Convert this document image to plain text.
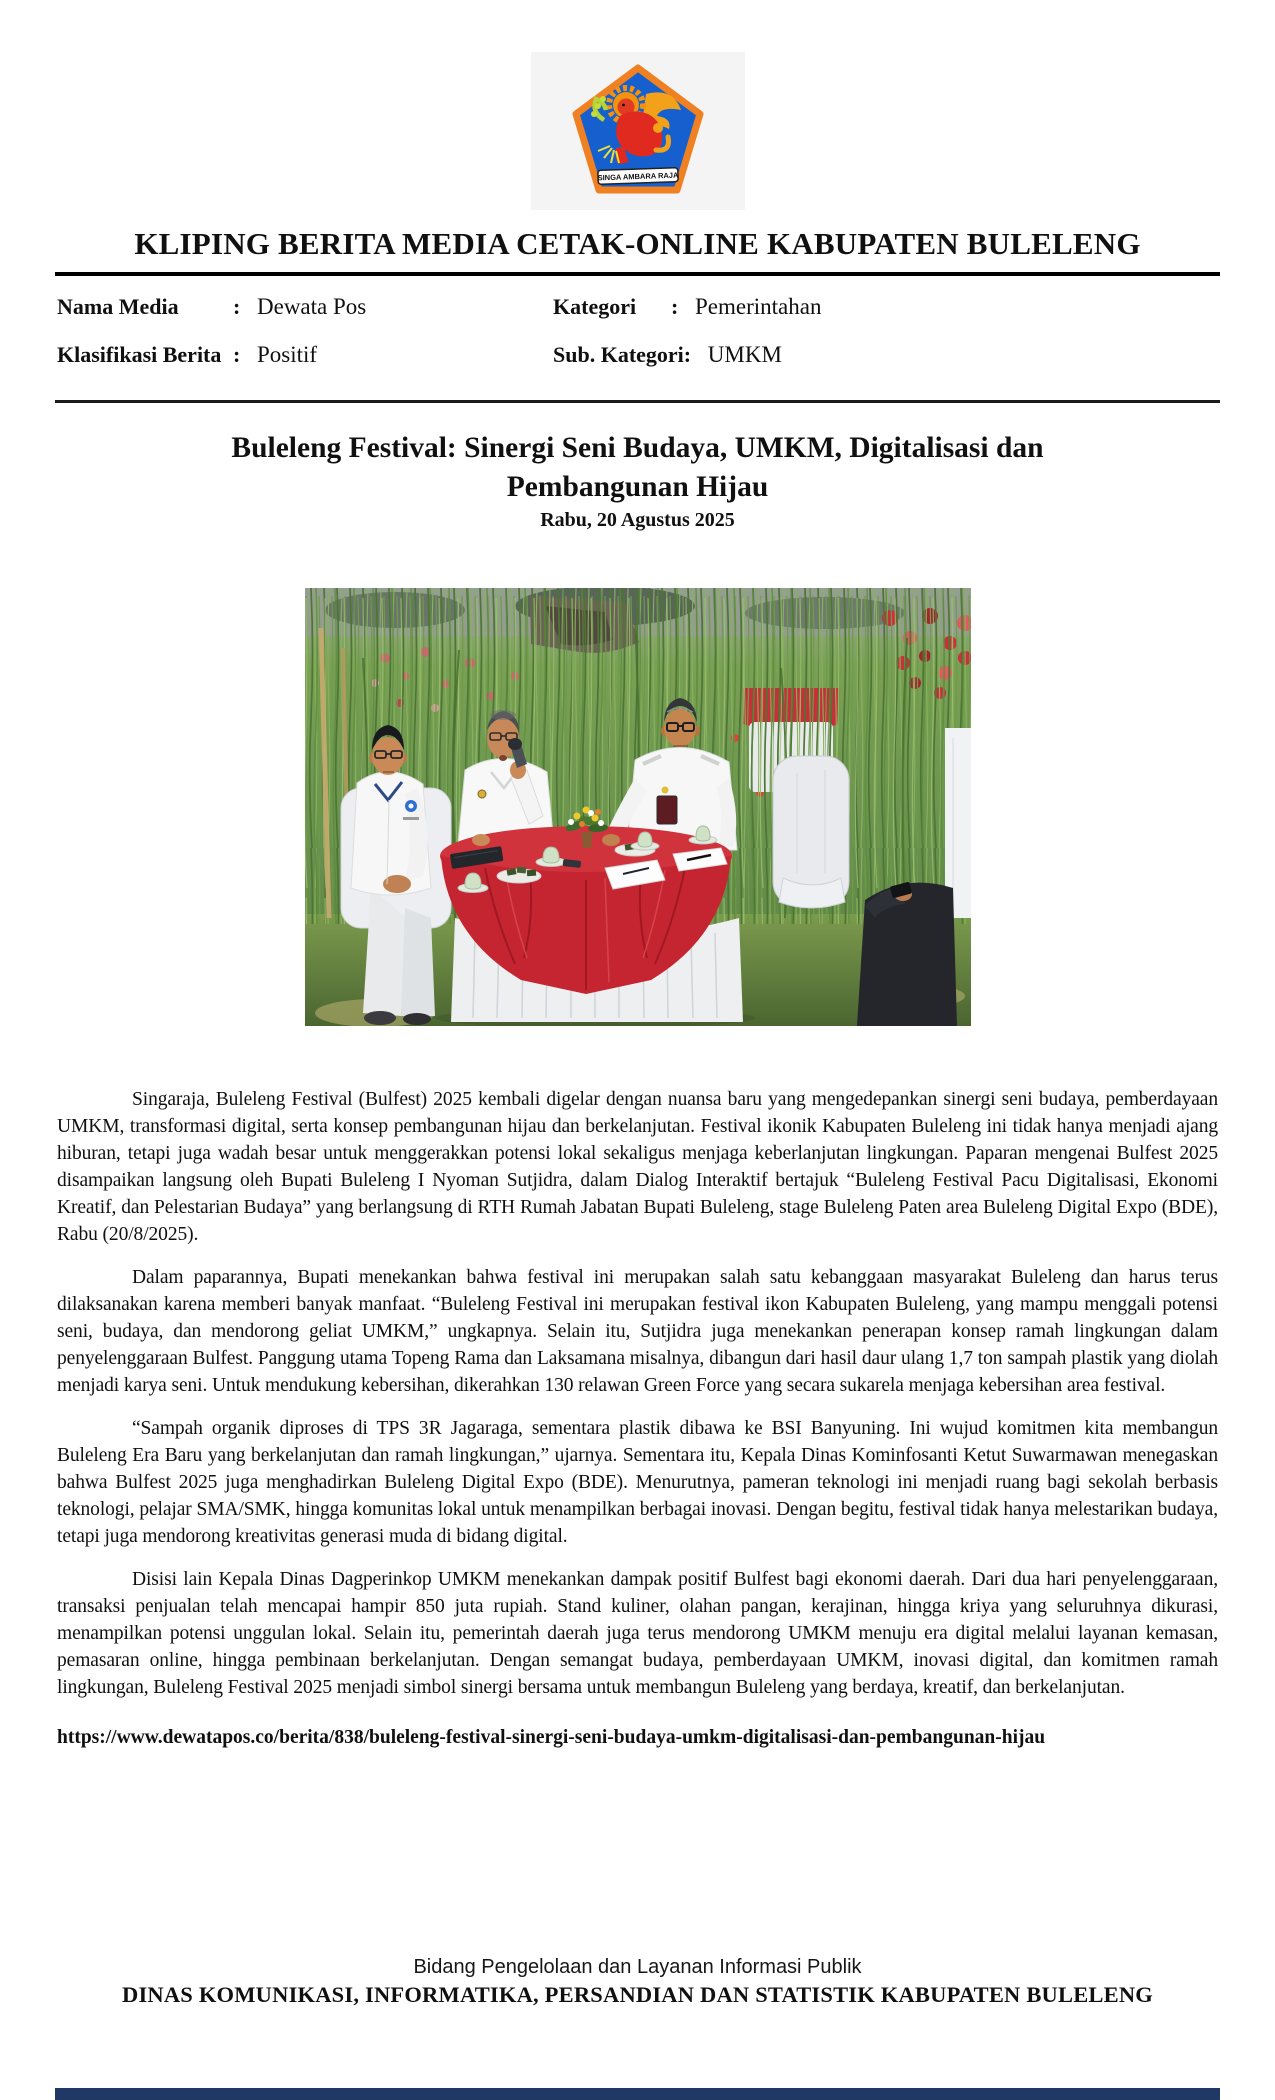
SINGA AMBARA RAJA
KLIPING BERITA MEDIA CETAK-ONLINE KABUPATEN BULELENG
Nama Media	: Dewata Pos
Klasifikasi Berita : Positif
Kategori	: Pemerintahan
Sub. Kategori : UMKM
Buleleng Festival: Sinergi Seni Budaya, UMKM, Digitalisasi dan Pembangunan Hijau
Rabu, 20 Agustus 2025

Singaraja, Buleleng Festival (Bulfest) 2025 kembali digelar dengan nuansa baru yang mengedepankan sinergi seni budaya, pemberdayaan UMKM, transformasi digital, serta konsep pembangunan hijau dan berkelanjutan. Festival ikonik Kabupaten Buleleng ini tidak hanya menjadi ajang hiburan, tetapi juga wadah besar untuk menggerakkan potensi lokal sekaligus menjaga keberlanjutan lingkungan. Paparan mengenai Bulfest 2025 disampaikan langsung oleh Bupati Buleleng I Nyoman Sutjidra, dalam Dialog Interaktif bertajuk “Buleleng Festival Pacu Digitalisasi, Ekonomi Kreatif, dan Pelestarian Budaya” yang berlangsung di RTH Rumah Jabatan Bupati Buleleng, stage Buleleng Paten area Buleleng Digital Expo (BDE), Rabu (20/8/2025).

Dalam paparannya, Bupati menekankan bahwa festival ini merupakan salah satu kebanggaan masyarakat Buleleng dan harus terus dilaksanakan karena memberi banyak manfaat. “Buleleng Festival ini merupakan festival ikon Kabupaten Buleleng, yang mampu menggali potensi seni, budaya, dan mendorong geliat UMKM,” ungkapnya. Selain itu, Sutjidra juga menekankan penerapan konsep ramah lingkungan dalam penyelenggaraan Bulfest. Panggung utama Topeng Rama dan Laksamana misalnya, dibangun dari hasil daur ulang 1,7 ton sampah plastik yang diolah menjadi karya seni. Untuk mendukung kebersihan, dikerahkan 130 relawan Green Force yang secara sukarela menjaga kebersihan area festival.

“Sampah organik diproses di TPS 3R Jagaraga, sementara plastik dibawa ke BSI Banyuning. Ini wujud komitmen kita membangun Buleleng Era Baru yang berkelanjutan dan ramah lingkungan,” ujarnya. Sementara itu, Kepala Dinas Kominfosanti Ketut Suwarmawan menegaskan bahwa Bulfest 2025 juga menghadirkan Buleleng Digital Expo (BDE). Menurutnya, pameran teknologi ini menjadi ruang bagi sekolah berbasis teknologi, pelajar SMA/SMK, hingga komunitas lokal untuk menampilkan berbagai inovasi. Dengan begitu, festival tidak hanya melestarikan budaya, tetapi juga mendorong kreativitas generasi muda di bidang digital.

Disisi lain Kepala Dinas Dagperinkop UMKM menekankan dampak positif Bulfest bagi ekonomi daerah. Dari dua hari penyelenggaraan, transaksi penjualan telah mencapai hampir 850 juta rupiah. Stand kuliner, olahan pangan, kerajinan, hingga kriya yang seluruhnya dikurasi, menampilkan potensi unggulan lokal. Selain itu, pemerintah daerah juga terus mendorong UMKM menuju era digital melalui layanan kemasan, pemasaran online, hingga pembinaan berkelanjutan. Dengan semangat budaya, pemberdayaan UMKM, inovasi digital, dan komitmen ramah lingkungan, Buleleng Festival 2025 menjadi simbol sinergi bersama untuk membangun Buleleng yang berdaya, kreatif, dan berkelanjutan.

https://www.dewatapos.co/berita/838/buleleng-festival-sinergi-seni-budaya-umkm-digitalisasi-dan-pembangunan-hijau
Bidang Pengelolaan dan Layanan Informasi Publik
DINAS KOMUNIKASI, INFORMATIKA, PERSANDIAN DAN STATISTIK KABUPATEN BULELENG
